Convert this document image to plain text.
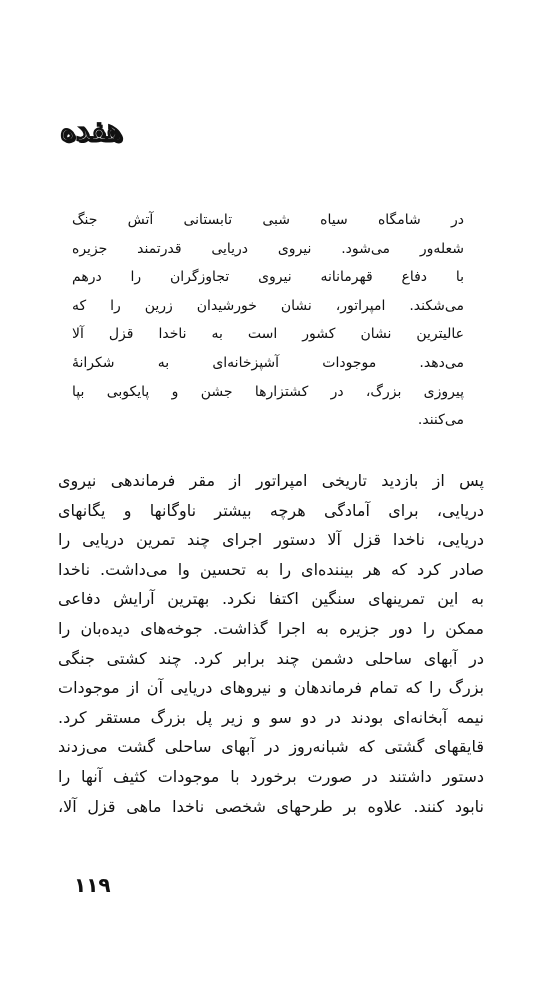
هفده
در شامگاه سیاه شبی تابستانی آتش جنگ
شعله‌ور می‌شود. نیروی دریایی قدرتمند جزیره
با دفاع قهرمانانه نیروی تجاوزگران را درهم
می‌شکند. امپراتور، نشان خورشیدان زرین را که
عالیترین نشان کشور است به ناخدا قزل آلا
می‌دهد. موجودات آشپزخانه‌ای به شکرانهٔ
پیروزی بزرگ، در کشتزارها جشن و پایکوبی بپا
می‌کنند.
پس از بازدید تاریخی امپراتور از مقر فرماندهی نیروی
دریایی، برای آمادگی هرچه بیشتر ناوگانها و یگانهای
دریایی، ناخدا قزل آلا دستور اجرای چند تمرین دریایی را
صادر کرد که هر بیننده‌ای را به تحسین وا می‌داشت. ناخدا
به این تمرینهای سنگین اکتفا نکرد. بهترین آرایش دفاعی
ممکن را دور جزیره به اجرا گذاشت. جوخه‌های دیده‌بان را
در آبهای ساحلی دشمن چند برابر کرد. چند کشتی جنگی
بزرگ را که تمام فرماندهان و نیروهای دریایی آن از موجودات
نیمه آبخانه‌ای بودند در دو سو و زیر پل بزرگ مستقر کرد.
قایقهای گشتی که شبانه‌روز در آبهای ساحلی گشت می‌زدند
دستور داشتند در صورت برخورد با موجودات کثیف آنها را
نابود کنند. علاوه بر طرحهای شخصی ناخدا ماهی قزل آلا،
۱۱۹
